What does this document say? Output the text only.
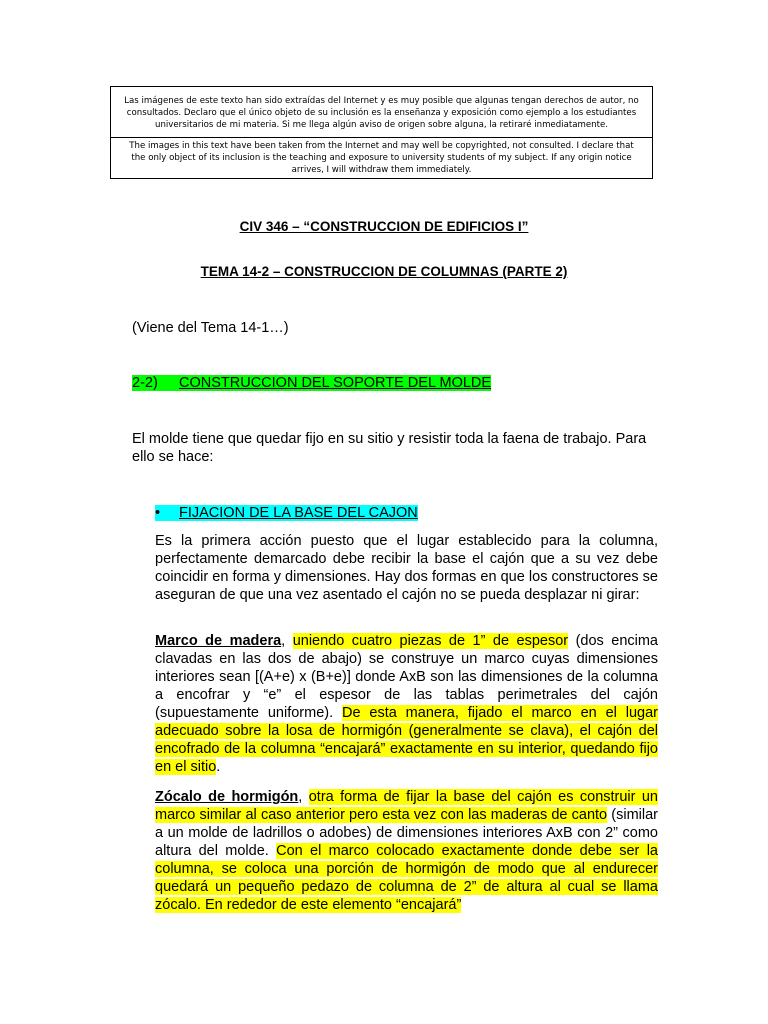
Las imágenes de este texto han sido extraídas del Internet y es muy posible que algunas tengan derechos de autor, no consultados. Declaro que el único objeto de su inclusión es la enseñanza y exposición como ejemplo a los estudiantes universitarios de mi materia. Si me llega algún aviso de origen sobre alguna, la retiraré inmediatamente.
The images in this text have been taken from the Internet and may well be copyrighted, not consulted. I declare that the only object of its inclusion is the teaching and exposure to university students of my subject. If any origin notice arrives, I will withdraw them immediately.
CIV 346 – “CONSTRUCCION DE EDIFICIOS I”
TEMA 14-2 – CONSTRUCCION DE COLUMNAS (PARTE 2)
(Viene del Tema 14-1…)
2-2) CONSTRUCCION DEL SOPORTE DEL MOLDE
El molde tiene que quedar fijo en su sitio y resistir toda la faena de trabajo. Para ello se hace:
• FIJACION DE LA BASE DEL CAJON
Es la primera acción puesto que el lugar establecido para la columna, perfectamente demarcado debe recibir la base el cajón que a su vez debe coincidir en forma y dimensiones. Hay dos formas en que los constructores se aseguran de que una vez asentado el cajón no se pueda desplazar ni girar:
Marco de madera, uniendo cuatro piezas de 1” de espesor (dos encima clavadas en las dos de abajo) se construye un marco cuyas dimensiones interiores sean [(A+e) x (B+e)] donde AxB son las dimensiones de la columna a encofrar y “e” el espesor de las tablas perimetrales del cajón (supuestamente uniforme). De esta manera, fijado el marco en el lugar adecuado sobre la losa de hormigón (generalmente se clava), el cajón del encofrado de la columna “encajará” exactamente en su interior, quedando fijo en el sitio.
Zócalo de hormigón, otra forma de fijar la base del cajón es construir un marco similar al caso anterior pero esta vez con las maderas de canto (similar a un molde de ladrillos o adobes) de dimensiones interiores AxB con 2” como altura del molde. Con el marco colocado exactamente donde debe ser la columna, se coloca una porción de hormigón de modo que al endurecer quedará un pequeño pedazo de columna de 2” de altura al cual se llama zócalo. En rededor de este elemento “encajará”
